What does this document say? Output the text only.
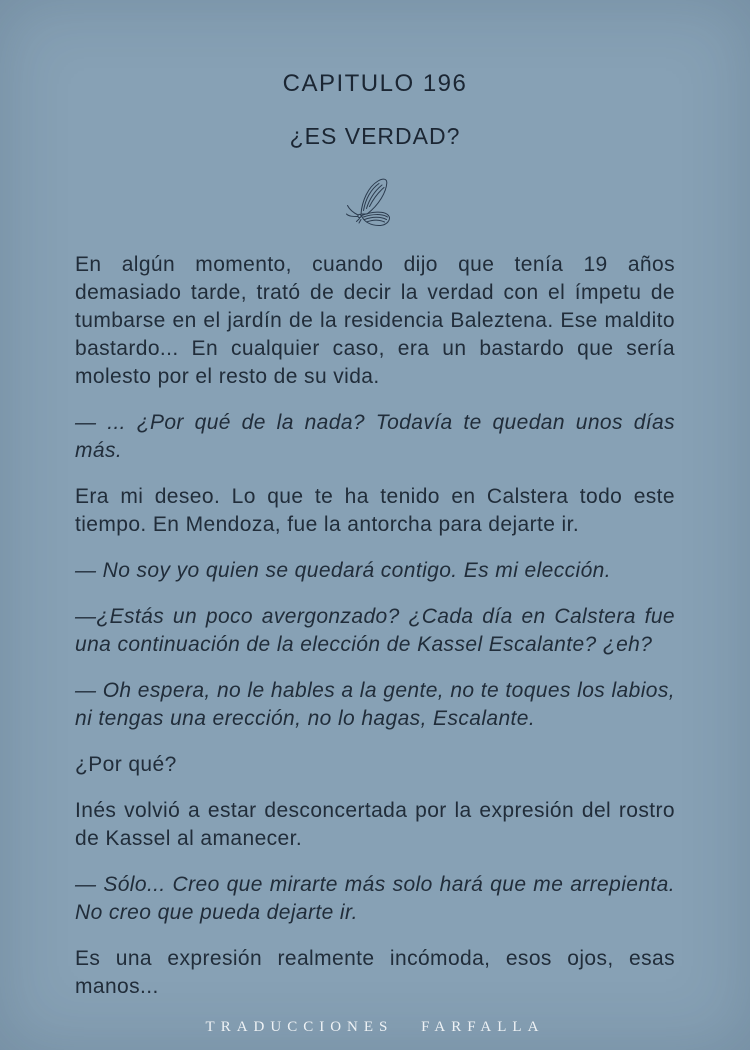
CAPITULO 196
¿ES VERDAD?

En algún momento, cuando dijo que tenía 19 años demasiado tarde, trató de decir la verdad con el ímpetu de tumbarse en el jardín de la residencia Baleztena. Ese maldito bastardo... En cualquier caso, era un bastardo que sería molesto por el resto de su vida.

— ... ¿Por qué de la nada? Todavía te quedan unos días más.

Era mi deseo. Lo que te ha tenido en Calstera todo este tiempo. En Mendoza, fue la antorcha para dejarte ir.

— No soy yo quien se quedará contigo. Es mi elección.

—¿Estás un poco avergonzado? ¿Cada día en Calstera fue una continuación de la elección de Kassel Escalante? ¿eh?

— Oh espera, no le hables a la gente, no te toques los labios, ni tengas una erección, no lo hagas, Escalante.

¿Por qué?

Inés volvió a estar desconcertada por la expresión del rostro de Kassel al amanecer.

— Sólo... Creo que mirarte más solo hará que me arrepienta. No creo que pueda dejarte ir.

Es una expresión realmente incómoda, esos ojos, esas manos...

TRADUCCIONES FARFALLA
